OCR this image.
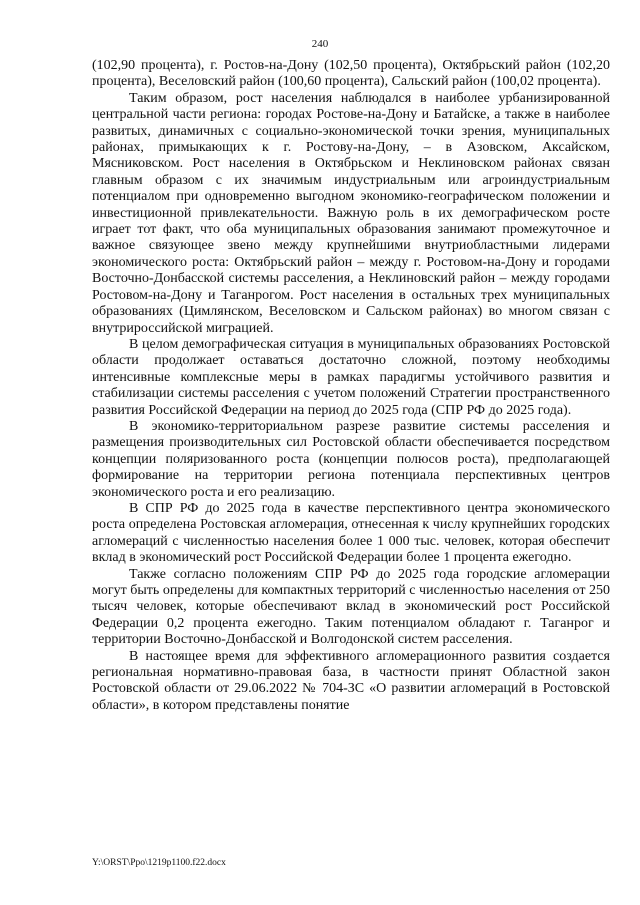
240

(102,90 процента), г. Ростов-на-Дону (102,50 процента), Октябрьский район (102,20 процента), Веселовский район (100,60 процента), Сальский район (100,02 процента).

Таким образом, рост населения наблюдался в наиболее урбанизированной центральной части региона: городах Ростове-на-Дону и Батайске, а также в наиболее развитых, динамичных с социально-экономической точки зрения, муниципальных районах, примыкающих к г. Ростову-на-Дону, – в Азовском, Аксайском, Мясниковском. Рост населения в Октябрьском и Неклиновском районах связан главным образом с их значимым индустриальным или агроиндустриальным потенциалом при одновременно выгодном экономико-географическом положении и инвестиционной привлекательности. Важную роль в их демографическом росте играет тот факт, что оба муниципальных образования занимают промежуточное и важное связующее звено между крупнейшими внутриобластными лидерами экономического роста: Октябрьский район – между г. Ростовом-на-Дону и городами Восточно-Донбасской системы расселения, а Неклиновский район – между городами Ростовом-на-Дону и Таганрогом. Рост населения в остальных трех муниципальных образованиях (Цимлянском, Веселовском и Сальском районах) во многом связан с внутрироссийской миграцией.

В целом демографическая ситуация в муниципальных образованиях Ростовской области продолжает оставаться достаточно сложной, поэтому необходимы интенсивные комплексные меры в рамках парадигмы устойчивого развития и стабилизации системы расселения с учетом положений Стратегии пространственного развития Российской Федерации на период до 2025 года (СПР РФ до 2025 года).

В экономико-территориальном разрезе развитие системы расселения и размещения производительных сил Ростовской области обеспечивается посредством концепции поляризованного роста (концепции полюсов роста), предполагающей формирование на территории региона потенциала перспективных центров экономического роста и его реализацию.

В СПР РФ до 2025 года в качестве перспективного центра экономического роста определена Ростовская агломерация, отнесенная к числу крупнейших городских агломераций с численностью населения более 1 000 тыс. человек, которая обеспечит вклад в экономический рост Российской Федерации более 1 процента ежегодно.

Также согласно положениям СПР РФ до 2025 года городские агломерации могут быть определены для компактных территорий с численностью населения от 250 тысяч человек, которые обеспечивают вклад в экономический рост Российской Федерации 0,2 процента ежегодно. Таким потенциалом обладают г. Таганрог и территории Восточно-Донбасской и Волгодонской систем расселения.

В настоящее время для эффективного агломерационного развития создается региональная нормативно-правовая база, в частности принят Областной закон Ростовской области от 29.06.2022 № 704-ЗС «О развитии агломераций в Ростовской области», в котором представлены понятие

Y:\ORST\Ppo\1219p1100.f22.docx
